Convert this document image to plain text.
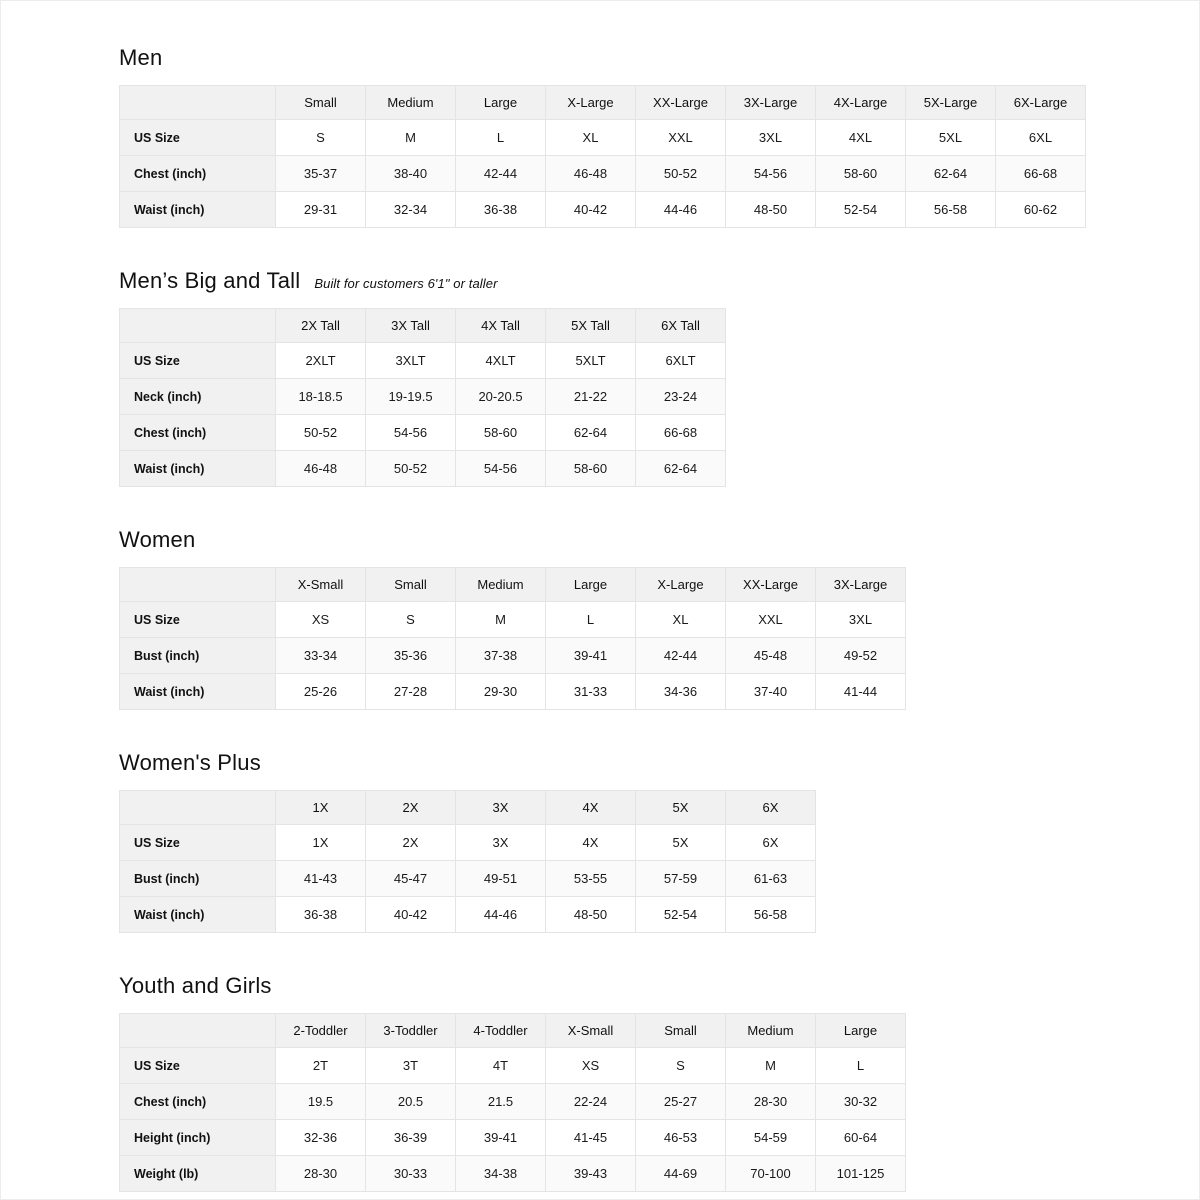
Men
	Small	Medium	Large	X-Large	XX-Large	3X-Large	4X-Large	5X-Large	6X-Large
US Size	S	M	L	XL	XXL	3XL	4XL	5XL	6XL
Chest (inch)	35-37	38-40	42-44	46-48	50-52	54-56	58-60	62-64	66-68
Waist (inch)	29-31	32-34	36-38	40-42	44-46	48-50	52-54	56-58	60-62
Men’s Big and Tall Built for customers 6'1" or taller
	2X Tall	3X Tall	4X Tall	5X Tall	6X Tall
US Size	2XLT	3XLT	4XLT	5XLT	6XLT
Neck (inch)	18-18.5	19-19.5	20-20.5	21-22	23-24
Chest (inch)	50-52	54-56	58-60	62-64	66-68
Waist (inch)	46-48	50-52	54-56	58-60	62-64
Women
	X-Small	Small	Medium	Large	X-Large	XX-Large	3X-Large
US Size	XS	S	M	L	XL	XXL	3XL
Bust (inch)	33-34	35-36	37-38	39-41	42-44	45-48	49-52
Waist (inch)	25-26	27-28	29-30	31-33	34-36	37-40	41-44
Women's Plus
	1X	2X	3X	4X	5X	6X
US Size	1X	2X	3X	4X	5X	6X
Bust (inch)	41-43	45-47	49-51	53-55	57-59	61-63
Waist (inch)	36-38	40-42	44-46	48-50	52-54	56-58
Youth and Girls
	2-Toddler	3-Toddler	4-Toddler	X-Small	Small	Medium	Large
US Size	2T	3T	4T	XS	S	M	L
Chest (inch)	19.5	20.5	21.5	22-24	25-27	28-30	30-32
Height (inch)	32-36	36-39	39-41	41-45	46-53	54-59	60-64
Weight (lb)	28-30	30-33	34-38	39-43	44-69	70-100	101-125
